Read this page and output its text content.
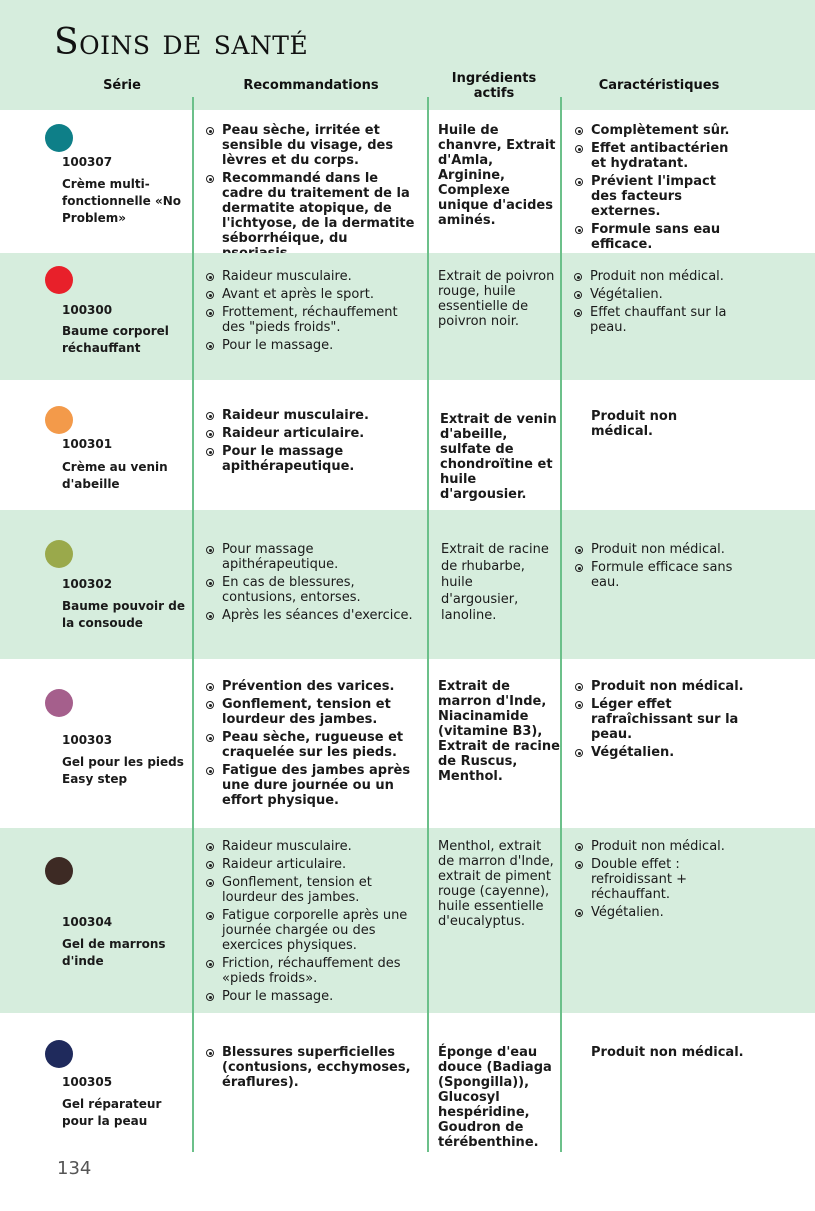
Soins de santé
Série	Recommandations	Ingrédients
actifs
Caractéristiques
100307
Crème multi-fonctionnelle «No Problem»
Peau sèche, irritée et sensible du visage, des lèvres et du corps.
Recommandé dans le cadre du traitement de la dermatite atopique, de l'ichtyose, de la dermatite séborrhéique, du
Huile de chanvre, Extrait d'Amla, Arginine, Complexe unique d'acides aminés.
Complètement sûr.
Effet antibactérien et hydratant.
Prévient l'impact des facteurs externes.
Formule sans eau efficace.
100300
Baume corporel réchauffant
Raideur musculaire.
Avant et après le sport.
Frottement, réchauffement des "pieds froids".
Pour le massage.
Extrait de poivron rouge, huile essentielle de poivron noir.
Produit non médical.
Végétalien.
Effet chauffant sur la peau.
100301
Crème au venin d'abeille
Raideur musculaire.
Raideur articulaire.
Pour le massage apithérapeutique.
Extrait de venin d'abeille, sulfate de chondroïtine et huile d'argousier.
Produit non médical.
100302
Baume pouvoir de la consoude
Pour massage apithérapeutique.
En cas de blessures, contusions, entorses.
Après les séances d'exercice.
Extrait de racine de rhubarbe, huile d'argousier, lanoline.
Produit non médical.
Formule efficace sans eau.
100303
Gel pour les pieds Easy step
Prévention des varices.
Gonflement, tension et lourdeur des jambes.
Peau sèche, rugueuse et craquelée sur les pieds.
Fatigue des jambes après une dure journée ou un effort physique.
Extrait de marron d'Inde, Niacinamide (vitamine B3), Extrait de racine de Ruscus, Menthol.
Produit non médical.
Léger effet rafraîchissant sur la peau.
Végétalien.
100304
Gel de marrons d'inde
Raideur musculaire.
Raideur articulaire.
Gonflement, tension et lourdeur des jambes.
Fatigue corporelle après une journée chargée ou des exercices physiques.
Friction, réchauffement des «pieds froids».
Pour le massage.
Menthol, extrait de marron d'Inde, extrait de piment rouge (cayenne), huile essentielle d'eucalyptus.
Produit non médical.
Double effet : refroidissant + réchauffant.
Végétalien.
100305
Gel réparateur pour la peau
Blessures superficielles (contusions, ecchymoses, éraflures).
Éponge d'eau douce (Badiaga (Spongilla)), Glucosyl hespéridine, Goudron de térébenthine.
Produit non médical.
134
